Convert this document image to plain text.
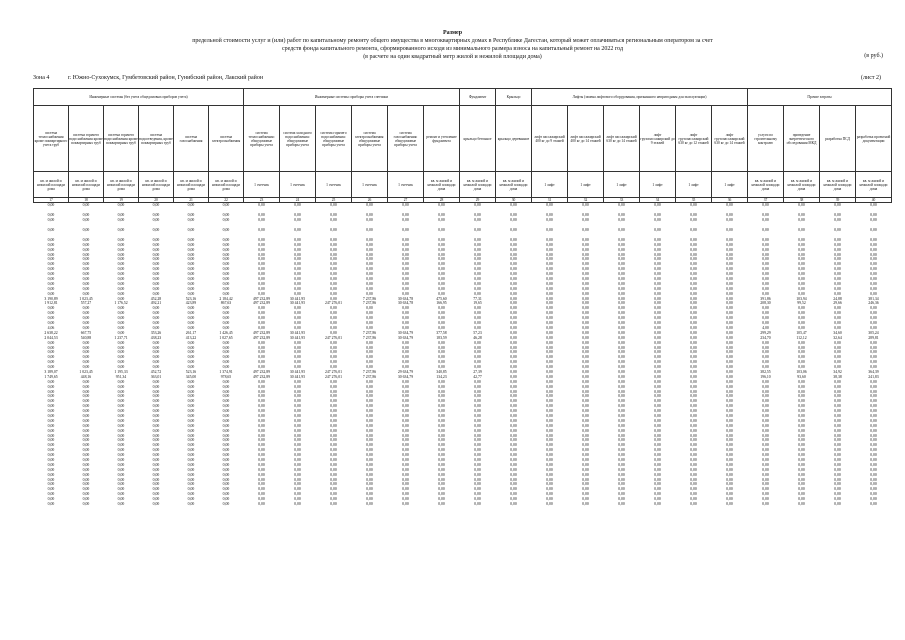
Размер
предельной стоимости услуг и (или) работ по капитальному ремонту общего имущества в многоквартирных домах в Республике Дагестан, который может оплачиваться региональным оператором за счет
средств фонда капитального ремонта, сформированного исходя из минимального размера взноса на капитальный ремонт на 2022 год
(в расчете на один квадратный метр жилой и нежилой площади дома)	(в руб.)
Зона 4	г. Южно-Сухокумск, Гумбетовский район, Гунибский район, Лакский район	(лист 2)
Инженерные системы (без учета общедомовых приборов учета)						Инженерные системы: приборы учета счетчики						Фундамент	Крыльцо	Лифты (замена лифтового оборудования, признанного непригодным для эксплуатации)						Прочие затраты			
система теплоснабжения кроме поквартирного учета труб	система горячего водоснабжения кроме поквартирных труб	система горячего водоснабжения кроме поквартирных труб	система водоотведения, кроме поквартирных труб	система газоснабжения	система электроснабжения	система теплоснабжения: общедомовые приборы учета	система холодного водоснабжения: общедомовые приборы учета	система горячего водоснабжения: общедомовые приборы учета	система электроснабжения: общедомовые приборы учета	система газоснабжения: общедомовые приборы учета	ремонт и утепление фундамента	крыльцо бетонное	крыльцо деревянное	лифт пассажирский 400 кг до 9 этажей	лифт пассажирский 400 кг до 14 этажей	лифт пассажирский 630 кг до 14 этажей	лифт грузопассажирский до 9 этажей	лифт грузопассажирский 630 кг до 12 этажей	лифт грузопассажирский 630 кг до 14 этажей	услуги по строительному контролю	проведение энергетического обследования МКД	разработка ПСД	разработка проектной документации
кв. м жилой и нежилой площади дома	кв. м жилой и нежилой площади дома	кв. м жилой и нежилой площади дома	кв. м жилой и нежилой площади дома	кв. м жилой и нежилой площади дома	кв. м жилой и нежилой площади дома	1 счетчик	1 счетчик	1 счетчик	1 счетчик	1 счетчик	кв. м жилой и нежилой площади дома	кв. м жилой и нежилой площади дома	кв. м жилой и нежилой площади дома	1 лифт	1 лифт	1 лифт	1 лифт	1 лифт	1 лифт	кв. м жилой и нежилой площади дома	кв. м жилой и нежилой площади дома	кв. м жилой и нежилой площади дома	кв. м жилой и нежилой площади дома
17	18	19	20	21	22	23	24	25	26	27	28	29	30	31	32	33	34	35	36	37	38	39	40
0,00	0,00	0,00	0,00	0,00	0,00	0,00	0,00	0,00	0,00	0,00	0,00	0,00	0,00	0,00	0,00	0,00	0,00	0,00	0,00	0,00	0,00	0,00	0,00

0,00	0,00	0,00	0,00	0,00	0,00	0,00	0,00	0,00	0,00	0,00	0,00	0,00	0,00	0,00	0,00	0,00	0,00	0,00	0,00	0,00	0,00	0,00	0,00
0,00	0,00	0,00	0,00	0,00	0,00	0,00	0,00	0,00	0,00	0,00	0,00	0,00	0,00	0,00	0,00	0,00	0,00	0,00	0,00	0,00	0,00	0,00	0,00

0,00	0,00	0,00	0,00	0,00	0,00	0,00	0,00	0,00	0,00	0,00	0,00	0,00	0,00	0,00	0,00	0,00	0,00	0,00	0,00	0,00	0,00	0,00	0,00

0,00	0,00	0,00	0,00	0,00	0,00	0,00	0,00	0,00	0,00	0,00	0,00	0,00	0,00	0,00	0,00	0,00	0,00	0,00	0,00	0,00	0,00	0,00	0,00
0,00	0,00	0,00	0,00	0,00	0,00	0,00	0,00	0,00	0,00	0,00	0,00	0,00	0,00	0,00	0,00	0,00	0,00	0,00	0,00	0,00	0,00	0,00	0,00
0,00	0,00	0,00	0,00	0,00	0,00	0,00	0,00	0,00	0,00	0,00	0,00	0,00	0,00	0,00	0,00	0,00	0,00	0,00	0,00	0,00	0,00	0,00	0,00
0,00	0,00	0,00	0,00	0,00	0,00	0,00	0,00	0,00	0,00	0,00	0,00	0,00	0,00	0,00	0,00	0,00	0,00	0,00	0,00	0,00	0,00	0,00	0,00
0,00	0,00	0,00	0,00	0,00	0,00	0,00	0,00	0,00	0,00	0,00	0,00	0,00	0,00	0,00	0,00	0,00	0,00	0,00	0,00	0,00	0,00	0,00	0,00
0,00	0,00	0,00	0,00	0,00	0,00	0,00	0,00	0,00	0,00	0,00	0,00	0,00	0,00	0,00	0,00	0,00	0,00	0,00	0,00	0,00	0,00	0,00	0,00
0,00	0,00	0,00	0,00	0,00	0,00	0,00	0,00	0,00	0,00	0,00	0,00	0,00	0,00	0,00	0,00	0,00	0,00	0,00	0,00	0,00	0,00	0,00	0,00
0,00	0,00	0,00	0,00	0,00	0,00	0,00	0,00	0,00	0,00	0,00	0,00	0,00	0,00	0,00	0,00	0,00	0,00	0,00	0,00	0,00	0,00	0,00	0,00
0,00	0,00	0,00	0,00	0,00	0,00	0,00	0,00	0,00	0,00	0,00	0,00	0,00	0,00	0,00	0,00	0,00	0,00	0,00	0,00	0,00	0,00	0,00	0,00
0,00	0,00	0,00	0,00	0,00	0,00	0,00	0,00	0,00	0,00	0,00	0,00	0,00	0,00	0,00	0,00	0,00	0,00	0,00	0,00	0,00	0,00	0,00	0,00
0,00	0,00	0,00	0,00	0,00	0,00	0,00	0,00	0,00	0,00	0,00	0,00	0,00	0,00	0,00	0,00	0,00	0,00	0,00	0,00	0,00	0,00	0,00	0,00
0,00	0,00	0,00	0,00	0,00	0,00	0,00	0,00	0,00	0,00	0,00	0,00	0,00	0,00	0,00	0,00	0,00	0,00	0,00	0,00	0,00	0,00	0,00	0,00
3 190,89	1 023,45	0,00	452,28	523,16	2 184,42	497 232,89	30 441,95	0,00	7 237,86	30 634,78	475,60	77,31	0,00	0,00	0,00	0,00	0,00	0,00	0,00	391,86	103,94	24,88	381,34
1 912,81	557,27	1 176,52	492,21	423,89	867,63	497 232,89	30 441,95	247 276,01	7 237,86	30 634,78	166,95	19,65	0,00	0,00	0,00	0,00	0,00	0,00	0,00	208,30	99,52	29,66	246,36
0,00	0,00	0,00	0,00	0,00	0,00	0,00	0,00	0,00	0,00	0,00	0,00	0,00	0,00	0,00	0,00	0,00	0,00	0,00	0,00	0,00	0,00	0,00	0,00
0,00	0,00	0,00	0,00	0,00	0,00	0,00	0,00	0,00	0,00	0,00	0,00	0,00	0,00	0,00	0,00	0,00	0,00	0,00	0,00	0,00	0,00	0,00	0,00
0,00	0,00	0,00	0,00	0,00	0,00	0,00	0,00	0,00	0,00	0,00	0,00	0,00	0,00	0,00	0,00	0,00	0,00	0,00	0,00	0,00	0,00	0,00	0,00
0,00	0,00	0,00	0,00	0,00	0,00	0,00	0,00	0,00	0,00	0,00	0,00	0,00	0,00	0,00	0,00	0,00	0,00	0,00	0,00	0,00	0,00	0,00	0,00
4,06	0,00	0,00	0,00	0,00	0,00	0,00	0,00	0,00	0,00	0,00	0,00	0,00	0,00	0,00	0,00	0,00	0,00	0,00	0,00	4,00	0,00	0,00	0,00
2 638,22	667,75	0,00	353,26	261,17	1 426,45	497 232,89	30 441,95	0,00	7 237,86	30 634,79	377,58	57,23	0,00	0,00	0,00	0,00	0,00	0,00	0,00	299,29	105,47	34,60	305,24
2 044,53	540,88	1 237,71	438,23	413,22	1 027,65	497 232,89	30 441,95	247 276,01	7 237,86	30 634,79	183,59	46,28	0,00	0,00	0,00	0,00	0,00	0,00	0,00	234,70	112,12	32,64	289,81
0,00	0,00	0,00	0,00	0,00	0,00	0,00	0,00	0,00	0,00	0,00	0,00	0,00	0,00	0,00	0,00	0,00	0,00	0,00	0,00	0,00	0,00	0,00	0,00
0,00	0,00	0,00	0,00	0,00	0,00	0,00	0,00	0,00	0,00	0,00	0,00	0,00	0,00	0,00	0,00	0,00	0,00	0,00	0,00	0,00	0,00	0,00	0,00
0,00	0,00	0,00	0,00	0,00	0,00	0,00	0,00	0,00	0,00	0,00	0,00	0,00	0,00	0,00	0,00	0,00	0,00	0,00	0,00	0,00	0,00	0,00	0,00
0,00	0,00	0,00	0,00	0,00	0,00	0,00	0,00	0,00	0,00	0,00	0,00	0,00	0,00	0,00	0,00	0,00	0,00	0,00	0,00	0,00	0,00	0,00	0,00
0,00	0,00	0,00	0,00	0,00	0,00	0,00	0,00	0,00	0,00	0,00	0,00	0,00	0,00	0,00	0,00	0,00	0,00	0,00	0,00	0,00	0,00	0,00	0,00
0,00	0,00	0,00	0,00	0,00	0,00	0,00	0,00	0,00	0,00	0,00	0,00	0,00	0,00	0,00	0,00	0,00	0,00	0,00	0,00	0,00	0,00	0,00	0,00
3 189,07	1 023,45	1 195,33	452,72	523,16	1 374,91	497 232,89	30 441,95	247 276,01	7 237,86	29 634,79	340,85	27,39	0,00	0,00	0,00	0,00	0,00	0,00	0,00	382,55	103,06	34,92	364,39
1 749,65	448,16	951,34	363,01	345,00	978,65	497 232,89	30 441,95	247 276,01	7 237,86	30 634,79	134,23	42,77	0,00	0,00	0,00	0,00	0,00	0,00	0,00	196,10	93,60	38,38	241,83
0,00	0,00	0,00	0,00	0,00	0,00	0,00	0,00	0,00	0,00	0,00	0,00	0,00	0,00	0,00	0,00	0,00	0,00	0,00	0,00	0,00	0,00	0,00	0,00
0,00	0,00	0,00	0,00	0,00	0,00	0,00	0,00	0,00	0,00	0,00	0,00	0,00	0,00	0,00	0,00	0,00	0,00	0,00	0,00	0,00	0,00	0,00	0,00
0,00	0,00	0,00	0,00	0,00	0,00	0,00	0,00	0,00	0,00	0,00	0,00	0,00	0,00	0,00	0,00	0,00	0,00	0,00	0,00	0,00	0,00	0,00	0,00
0,00	0,00	0,00	0,00	0,00	0,00	0,00	0,00	0,00	0,00	0,00	0,00	0,00	0,00	0,00	0,00	0,00	0,00	0,00	0,00	0,00	0,00	0,00	0,00
0,00	0,00	0,00	0,00	0,00	0,00	0,00	0,00	0,00	0,00	0,00	0,00	0,00	0,00	0,00	0,00	0,00	0,00	0,00	0,00	0,00	0,00	0,00	0,00
0,00	0,00	0,00	0,00	0,00	0,00	0,00	0,00	0,00	0,00	0,00	0,00	0,00	0,00	0,00	0,00	0,00	0,00	0,00	0,00	0,00	0,00	0,00	0,00
0,00	0,00	0,00	0,00	0,00	0,00	0,00	0,00	0,00	0,00	0,00	0,00	0,00	0,00	0,00	0,00	0,00	0,00	0,00	0,00	0,00	0,00	0,00	0,00
0,00	0,00	0,00	0,00	0,00	0,00	0,00	0,00	0,00	0,00	0,00	0,00	0,00	0,00	0,00	0,00	0,00	0,00	0,00	0,00	0,00	0,00	0,00	0,00
0,00	0,00	0,00	0,00	0,00	0,00	0,00	0,00	0,00	0,00	0,00	0,00	0,00	0,00	0,00	0,00	0,00	0,00	0,00	0,00	0,00	0,00	0,00	0,00
0,00	0,00	0,00	0,00	0,00	0,00	0,00	0,00	0,00	0,00	0,00	0,00	0,00	0,00	0,00	0,00	0,00	0,00	0,00	0,00	0,00	0,00	0,00	0,00
0,00	0,00	0,00	0,00	0,00	0,00	0,00	0,00	0,00	0,00	0,00	0,00	0,00	0,00	0,00	0,00	0,00	0,00	0,00	0,00	0,00	0,00	0,00	0,00
0,00	0,00	0,00	0,00	0,00	0,00	0,00	0,00	0,00	0,00	0,00	0,00	0,00	0,00	0,00	0,00	0,00	0,00	0,00	0,00	0,00	0,00	0,00	0,00
0,00	0,00	0,00	0,00	0,00	0,00	0,00	0,00	0,00	0,00	0,00	0,00	0,00	0,00	0,00	0,00	0,00	0,00	0,00	0,00	0,00	0,00	0,00	0,00
0,00	0,00	0,00	0,00	0,00	0,00	0,00	0,00	0,00	0,00	0,00	0,00	0,00	0,00	0,00	0,00	0,00	0,00	0,00	0,00	0,00	0,00	0,00	0,00
0,00	0,00	0,00	0,00	0,00	0,00	0,00	0,00	0,00	0,00	0,00	0,00	0,00	0,00	0,00	0,00	0,00	0,00	0,00	0,00	0,00	0,00	0,00	0,00
0,00	0,00	0,00	0,00	0,00	0,00	0,00	0,00	0,00	0,00	0,00	0,00	0,00	0,00	0,00	0,00	0,00	0,00	0,00	0,00	0,00	0,00	0,00	0,00
0,00	0,00	0,00	0,00	0,00	0,00	0,00	0,00	0,00	0,00	0,00	0,00	0,00	0,00	0,00	0,00	0,00	0,00	0,00	0,00	0,00	0,00	0,00	0,00
0,00	0,00	0,00	0,00	0,00	0,00	0,00	0,00	0,00	0,00	0,00	0,00	0,00	0,00	0,00	0,00	0,00	0,00	0,00	0,00	0,00	0,00	0,00	0,00
0,00	0,00	0,00	0,00	0,00	0,00	0,00	0,00	0,00	0,00	0,00	0,00	0,00	0,00	0,00	0,00	0,00	0,00	0,00	0,00	0,00	0,00	0,00	0,00
0,00	0,00	0,00	0,00	0,00	0,00	0,00	0,00	0,00	0,00	0,00	0,00	0,00	0,00	0,00	0,00	0,00	0,00	0,00	0,00	0,00	0,00	0,00	0,00
0,00	0,00	0,00	0,00	0,00	0,00	0,00	0,00	0,00	0,00	0,00	0,00	0,00	0,00	0,00	0,00	0,00	0,00	0,00	0,00	0,00	0,00	0,00	0,00
0,00	0,00	0,00	0,00	0,00	0,00	0,00	0,00	0,00	0,00	0,00	0,00	0,00	0,00	0,00	0,00	0,00	0,00	0,00	0,00	0,00	0,00	0,00	0,00
0,00	0,00	0,00	0,00	0,00	0,00	0,00	0,00	0,00	0,00	0,00	0,00	0,00	0,00	0,00	0,00	0,00	0,00	0,00	0,00	0,00	0,00	0,00	0,00
0,00	0,00	0,00	0,00	0,00	0,00	0,00	0,00	0,00	0,00	0,00	0,00	0,00	0,00	0,00	0,00	0,00	0,00	0,00	0,00	0,00	0,00	0,00	0,00
0,00	0,00	0,00	0,00	0,00	0,00	0,00	0,00	0,00	0,00	0,00	0,00	0,00	0,00	0,00	0,00	0,00	0,00	0,00	0,00	0,00	0,00	0,00	0,00
0,00	0,00	0,00	0,00	0,00	0,00	0,00	0,00	0,00	0,00	0,00	0,00	0,00	0,00	0,00	0,00	0,00	0,00	0,00	0,00	0,00	0,00	0,00	0,00
